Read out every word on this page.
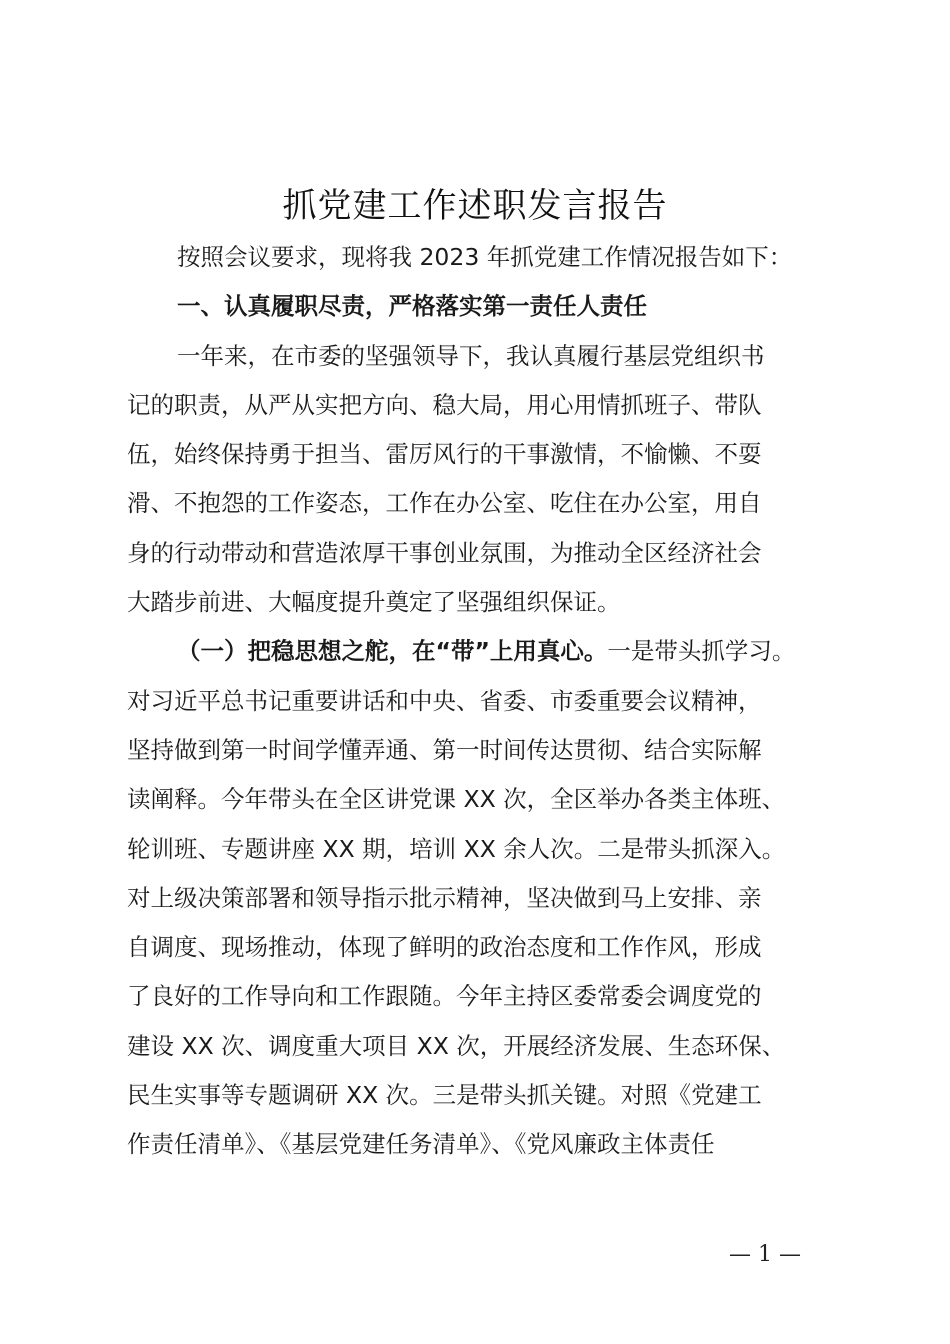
抓党建工作述职发言报告
按照会议要求，现将我 2023 年抓党建工作情况报告如下：
一、认真履职尽责，严格落实第一责任人责任
一年来，在市委的坚强领导下，我认真履行基层党组织书
记的职责，从严从实把方向、稳大局，用心用情抓班子、带队
伍，始终保持勇于担当、雷厉风行的干事激情，不愉懒、不耍
滑、不抱怨的工作姿态，工作在办公室、吃住在办公室，用自
身的行动带动和营造浓厚干事创业氛围，为推动全区经济社会
大踏步前进、大幅度提升奠定了坚强组织保证。
（一）把稳思想之舵，在“带”上用真心。一是带头抓学习。
对习近平总书记重要讲话和中央、省委、市委重要会议精神，
坚持做到第一时间学懂弄通、第一时间传达贯彻、结合实际解
读阐释。今年带头在全区讲党课 XX 次，全区举办各类主体班、
轮训班、专题讲座 XX 期，培训 XX 余人次。二是带头抓深入。
对上级决策部署和领导指示批示精神，坚决做到马上安排、亲
自调度、现场推动，体现了鲜明的政治态度和工作作风，形成
了良好的工作导向和工作跟随。今年主持区委常委会调度党的
建设 XX 次、调度重大项目 XX 次，开展经济发展、生态环保、
民生实事等专题调研 XX 次。三是带头抓关键。对照《党建工
作责任清单》、《基层党建任务清单》、《党风廉政主体责任
— 1 —
